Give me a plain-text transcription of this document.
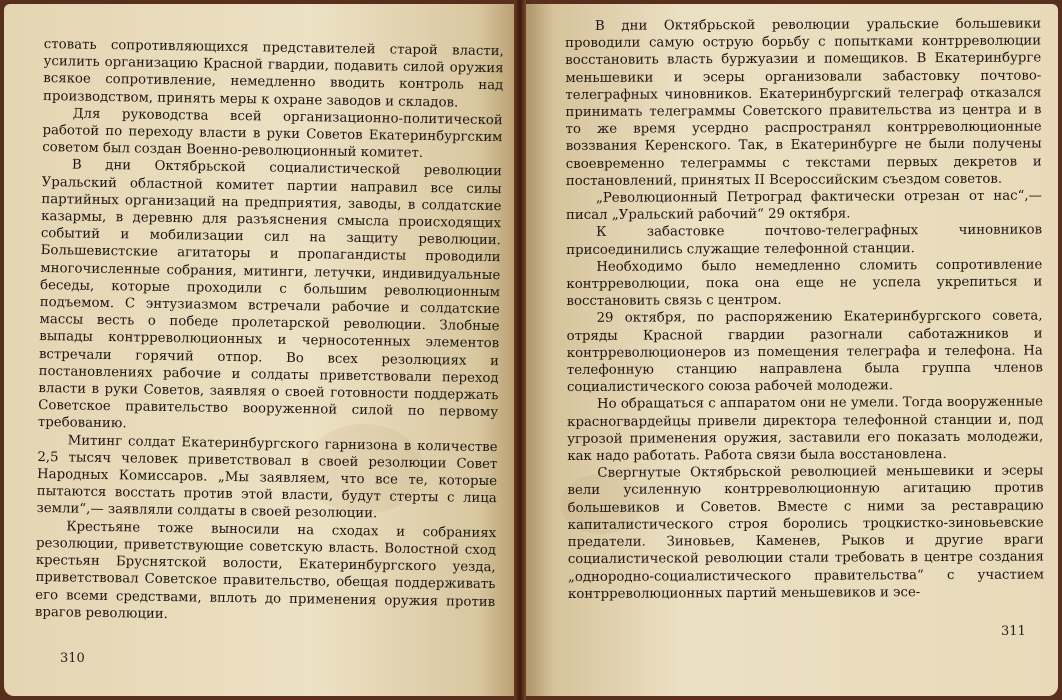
стовать сопротивляющихся представителей старой власти, усилить организацию Красной гвардии, подавить силой оружия всякое сопротивление, немедленно вводить контроль над производством, принять меры к охране заводов и складов.

Для руководства всей организационно-политической работой по переходу власти в руки Советов Екатеринбургским советом был создан Военно-революционный комитет.

В дни Октябрьской социалистической революции Уральский областной комитет партии направил все силы партийных организаций на предприятия, заводы, в солдатские казармы, в деревню для разъяснения смысла происходящих событий и мобилизации сил на защиту революции. Большевистские агитаторы и пропагандисты проводили многочисленные собрания, митинги, летучки, индивидуальные беседы, которые проходили с большим революционным подъемом. С энтузиазмом встречали рабочие и солдатские массы весть о победе пролетарской революции. Злобные выпады контрреволюционных и черносотенных элементов встречали горячий отпор. Во всех резолюциях и постановлениях рабочие и солдаты приветствовали переход власти в руки Советов, заявляя о своей готовности поддержать Советское правительство вооруженной силой по первому требованию.

Митинг солдат Екатеринбургского гарнизона в количестве 2,5 тысяч человек приветствовал в своей резолюции Совет Народных Комиссаров. „Мы заявляем, что все те, которые пытаются восстать против этой власти, будут стерты с лица земли“,— заявляли солдаты в своей резолюции.

Крестьяне тоже выносили на сходах и собраниях резолюции, приветствующие советскую власть. Волостной сход крестьян Бруснятской волости, Екатеринбургского уезда, приветствовал Советское правительство, обещая поддерживать его всеми средствами, вплоть до применения оружия против врагов революции.

310

В дни Октябрьской революции уральские большевики проводили самую острую борьбу с попытками контрреволюции восстановить власть буржуазии и помещиков. В Екатеринбурге меньшевики и эсеры организовали забастовку почтово-телеграфных чиновников. Екатеринбургский телеграф отказался принимать телеграммы Советского правительства из центра и в то же время усердно распространял контрреволюционные воззвания Керенского. Так, в Екатеринбурге не были получены своевременно телеграммы с текстами первых декретов и постановлений, принятых II Всероссийским съездом советов.

„Революционный Петроград фактически отрезан от нас“,— писал „Уральский рабочий“ 29 октября.

К забастовке почтово-телеграфных чиновников присоединились служащие телефонной станции.

Необходимо было немедленно сломить сопротивление контрреволюции, пока она еще не успела укрепиться и восстановить связь с центром.

29 октября, по распоряжению Екатеринбургского совета, отряды Красной гвардии разогнали саботажников и контрреволюционеров из помещения телеграфа и телефона. На телефонную станцию направлена была группа членов социалистического союза рабочей молодежи.

Но обращаться с аппаратом они не умели. Тогда вооруженные красногвардейцы привели директора телефонной станции и, под угрозой применения оружия, заставили его показать молодежи, как надо работать. Работа связи была восстановлена.

Свергнутые Октябрьской революцией меньшевики и эсеры вели усиленную контрреволюционную агитацию против большевиков и Советов. Вместе с ними за реставрацию капиталистического строя боролись троцкистко-зиновьевские предатели. Зиновьев, Каменев, Рыков и другие враги социалистической революции стали требовать в центре создания „однородно-социалистического правительства“ с участием контрреволюционных партий меньшевиков и эсе-

311
